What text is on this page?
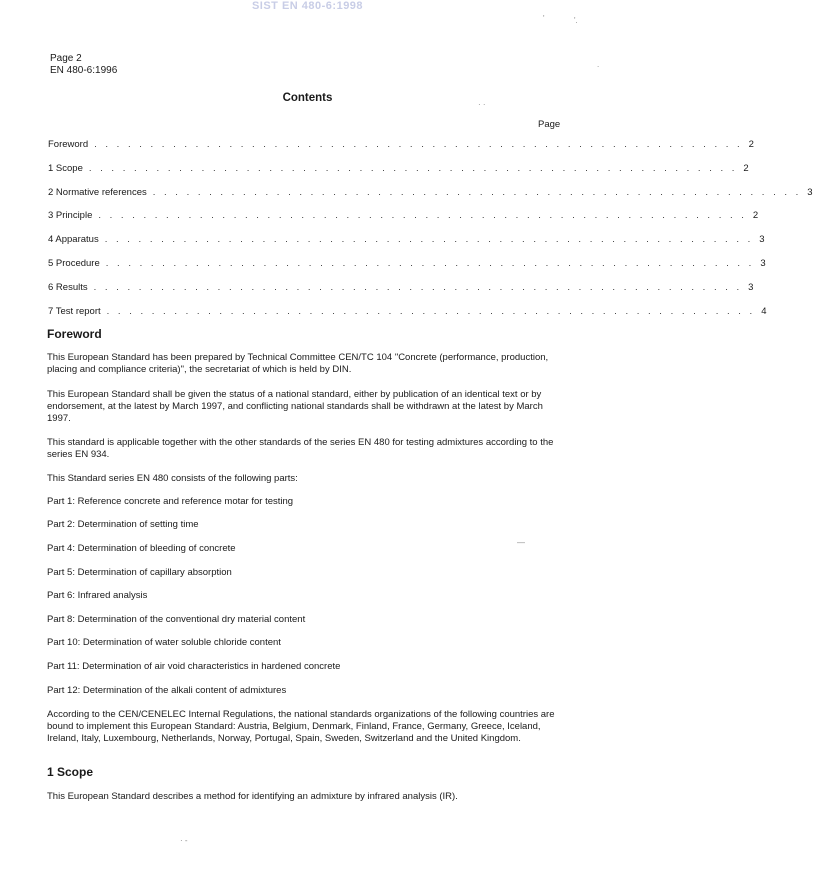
SIST EN 480-6:1998
Page 2
EN 480-6:1996
Contents
Page
Foreword . . . . . . . . . . . . . . . . . . . . . . . . . . . . . . . . . . . . . . . . . . . . . . . . . . . . . . . . . . 2
1 Scope . . . . . . . . . . . . . . . . . . . . . . . . . . . . . . . . . . . . . . . . . . . . . . . . . . . . . . . . . . 2
2 Normative references . . . . . . . . . . . . . . . . . . . . . . . . . . . . . . . . . . . . . . . . . . . . . . . . . . . . . . . . . . 3
3 Principle . . . . . . . . . . . . . . . . . . . . . . . . . . . . . . . . . . . . . . . . . . . . . . . . . . . . . . . . . . 2
4 Apparatus . . . . . . . . . . . . . . . . . . . . . . . . . . . . . . . . . . . . . . . . . . . . . . . . . . . . . . . . . . 3
5 Procedure . . . . . . . . . . . . . . . . . . . . . . . . . . . . . . . . . . . . . . . . . . . . . . . . . . . . . . . . . . 3
6 Results . . . . . . . . . . . . . . . . . . . . . . . . . . . . . . . . . . . . . . . . . . . . . . . . . . . . . . . . . . 3
7 Test report . . . . . . . . . . . . . . . . . . . . . . . . . . . . . . . . . . . . . . . . . . . . . . . . . . . . . . . . . . 4
Foreword
This European Standard has been prepared by Technical Committee CEN/TC 104 "Concrete (performance, production, placing and compliance criteria)", the secretariat of which is held by DIN.
This European Standard shall be given the status of a national standard, either by publication of an identical text or by endorsement, at the latest by March 1997, and conflicting national standards shall be withdrawn at the latest by March 1997.
This standard is applicable together with the other standards of the series EN 480 for testing admixtures according to the series EN 934.
This Standard series EN 480 consists of the following parts:
Part 1: Reference concrete and reference motar for testing
Part 2: Determination of setting time
Part 4: Determination of bleeding of concrete
Part 5: Determination of capillary absorption
Part 6: Infrared analysis
Part 8: Determination of the conventional dry material content
Part 10: Determination of water soluble chloride content
Part 11: Determination of air void characteristics in hardened concrete
Part 12: Determination of the alkali content of admixtures
According to the CEN/CENELEC Internal Regulations, the national standards organizations of the following countries are bound to implement this European Standard: Austria, Belgium, Denmark, Finland, France, Germany, Greece, Iceland, Ireland, Italy, Luxembourg, Netherlands, Norway, Portugal, Spain, Sweden, Switzerland and the United Kingdom.
1 Scope
This European Standard describes a method for identifying an admixture by infrared analysis (IR).
'	'.
.
· ·
—
· -
